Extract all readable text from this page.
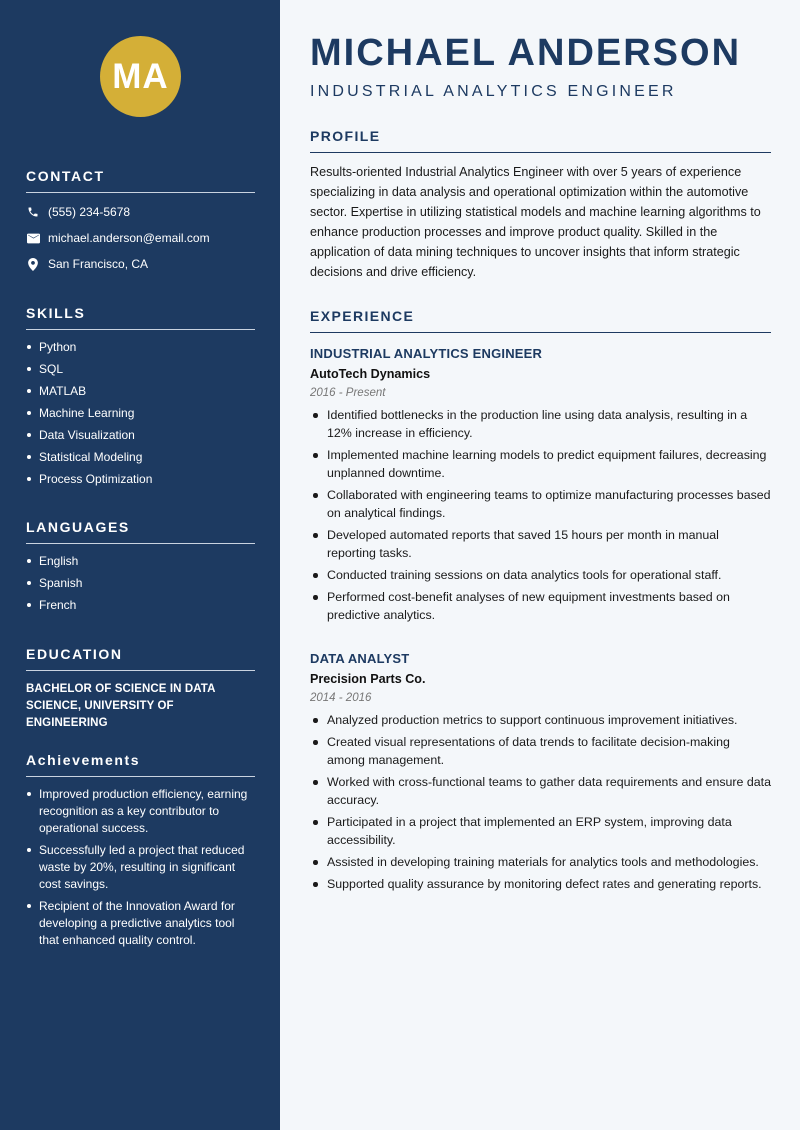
MA
CONTACT
(555) 234-5678
michael.anderson@email.com
San Francisco, CA
SKILLS
Python
SQL
MATLAB
Machine Learning
Data Visualization
Statistical Modeling
Process Optimization
LANGUAGES
English
Spanish
French
EDUCATION
BACHELOR OF SCIENCE IN DATA SCIENCE, UNIVERSITY OF ENGINEERING
Achievements
Improved production efficiency, earning recognition as a key contributor to operational success.
Successfully led a project that reduced waste by 20%, resulting in significant cost savings.
Recipient of the Innovation Award for developing a predictive analytics tool that enhanced quality control.
MICHAEL ANDERSON
INDUSTRIAL ANALYTICS ENGINEER
PROFILE
Results-oriented Industrial Analytics Engineer with over 5 years of experience specializing in data analysis and operational optimization within the automotive sector. Expertise in utilizing statistical models and machine learning algorithms to enhance production processes and improve product quality. Skilled in the application of data mining techniques to uncover insights that inform strategic decisions and drive efficiency.
EXPERIENCE
INDUSTRIAL ANALYTICS ENGINEER
AutoTech Dynamics
2016 - Present
Identified bottlenecks in the production line using data analysis, resulting in a 12% increase in efficiency.
Implemented machine learning models to predict equipment failures, decreasing unplanned downtime.
Collaborated with engineering teams to optimize manufacturing processes based on analytical findings.
Developed automated reports that saved 15 hours per month in manual reporting tasks.
Conducted training sessions on data analytics tools for operational staff.
Performed cost-benefit analyses of new equipment investments based on predictive analytics.
DATA ANALYST
Precision Parts Co.
2014 - 2016
Analyzed production metrics to support continuous improvement initiatives.
Created visual representations of data trends to facilitate decision-making among management.
Worked with cross-functional teams to gather data requirements and ensure data accuracy.
Participated in a project that implemented an ERP system, improving data accessibility.
Assisted in developing training materials for analytics tools and methodologies.
Supported quality assurance by monitoring defect rates and generating reports.
